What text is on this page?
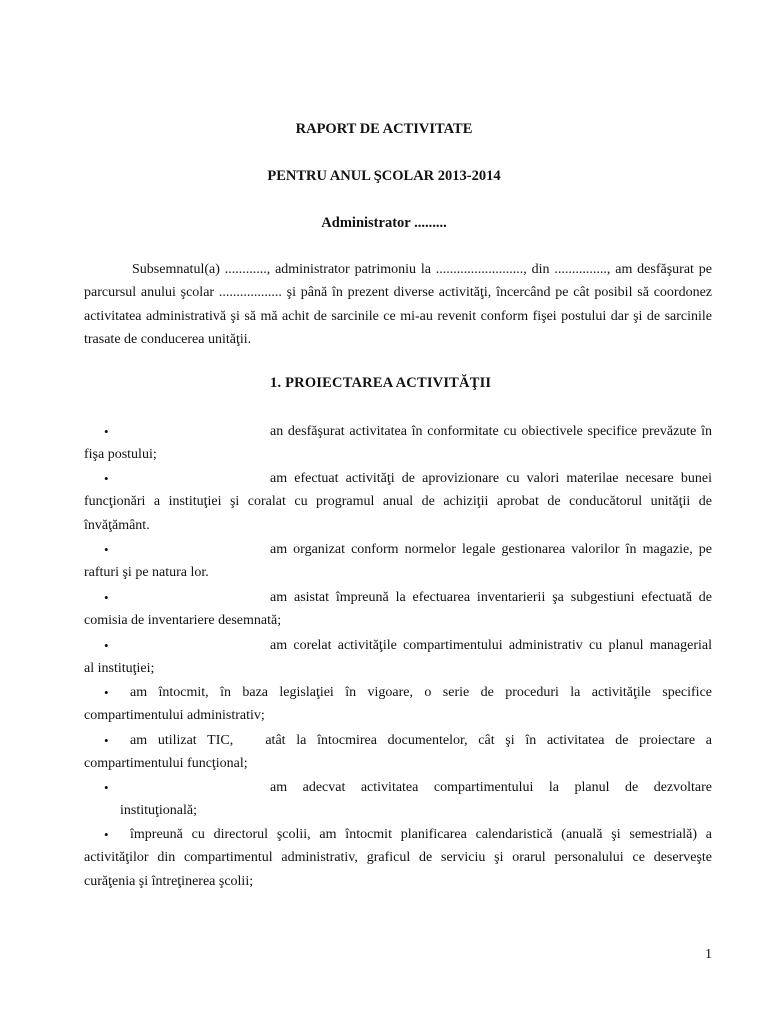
RAPORT DE ACTIVITATE
PENTRU ANUL ŞCOLAR 2013-2014
Administrator .........
Subsemnatul(a) ............, administrator patrimoniu la ........................., din ..............., am desfăşurat pe
parcursul anului şcolar .................. şi până în prezent diverse activităţi, încercând pe cât posibil să coordonez
activitatea administrativă şi să mă achit de sarcinile ce mi-au revenit conform fişei postului dar şi de sarcinile
trasate de conducerea unităţii.
1. PROIECTAREA ACTIVITĂŢII
•	an desfăşurat activitatea în conformitate cu obiectivele specifice prevăzute în

fişa postului;

•	am efectuat activităţi de aprovizionare cu valori materilae necesare bunei

funcţionări a instituţiei şi coralat cu programul anual de achiziţii aprobat de conducătorul unităţii de

învăţământ.

•	am organizat conform normelor legale gestionarea valorilor în magazie, pe

rafturi şi pe natura lor.

•	am asistat împreună la efectuarea inventarierii şa subgestiuni efectuată de

comisia de inventariere desemnată;

•	am corelat activităţile compartimentului administrativ cu planul managerial

al instituţiei;

•	am întocmit, în baza legislaţiei în vigoare, o serie de proceduri la activităţile specifice

compartimentului administrativ;

•	am utilizat TIC,   atât la întocmirea documentelor, cât şi în activitatea de proiectare a

compartimentului funcţional;

•	am adecvat activitatea compartimentului la planul de dezvoltare

instituţională;

•	împreună cu directorul şcolii, am întocmit planificarea calendaristică (anuală şi semestrială) a

activităţilor din compartimentul administrativ, graficul de serviciu şi orarul personalului ce deserveşte

curăţenia şi întreţinerea şcolii;

1
